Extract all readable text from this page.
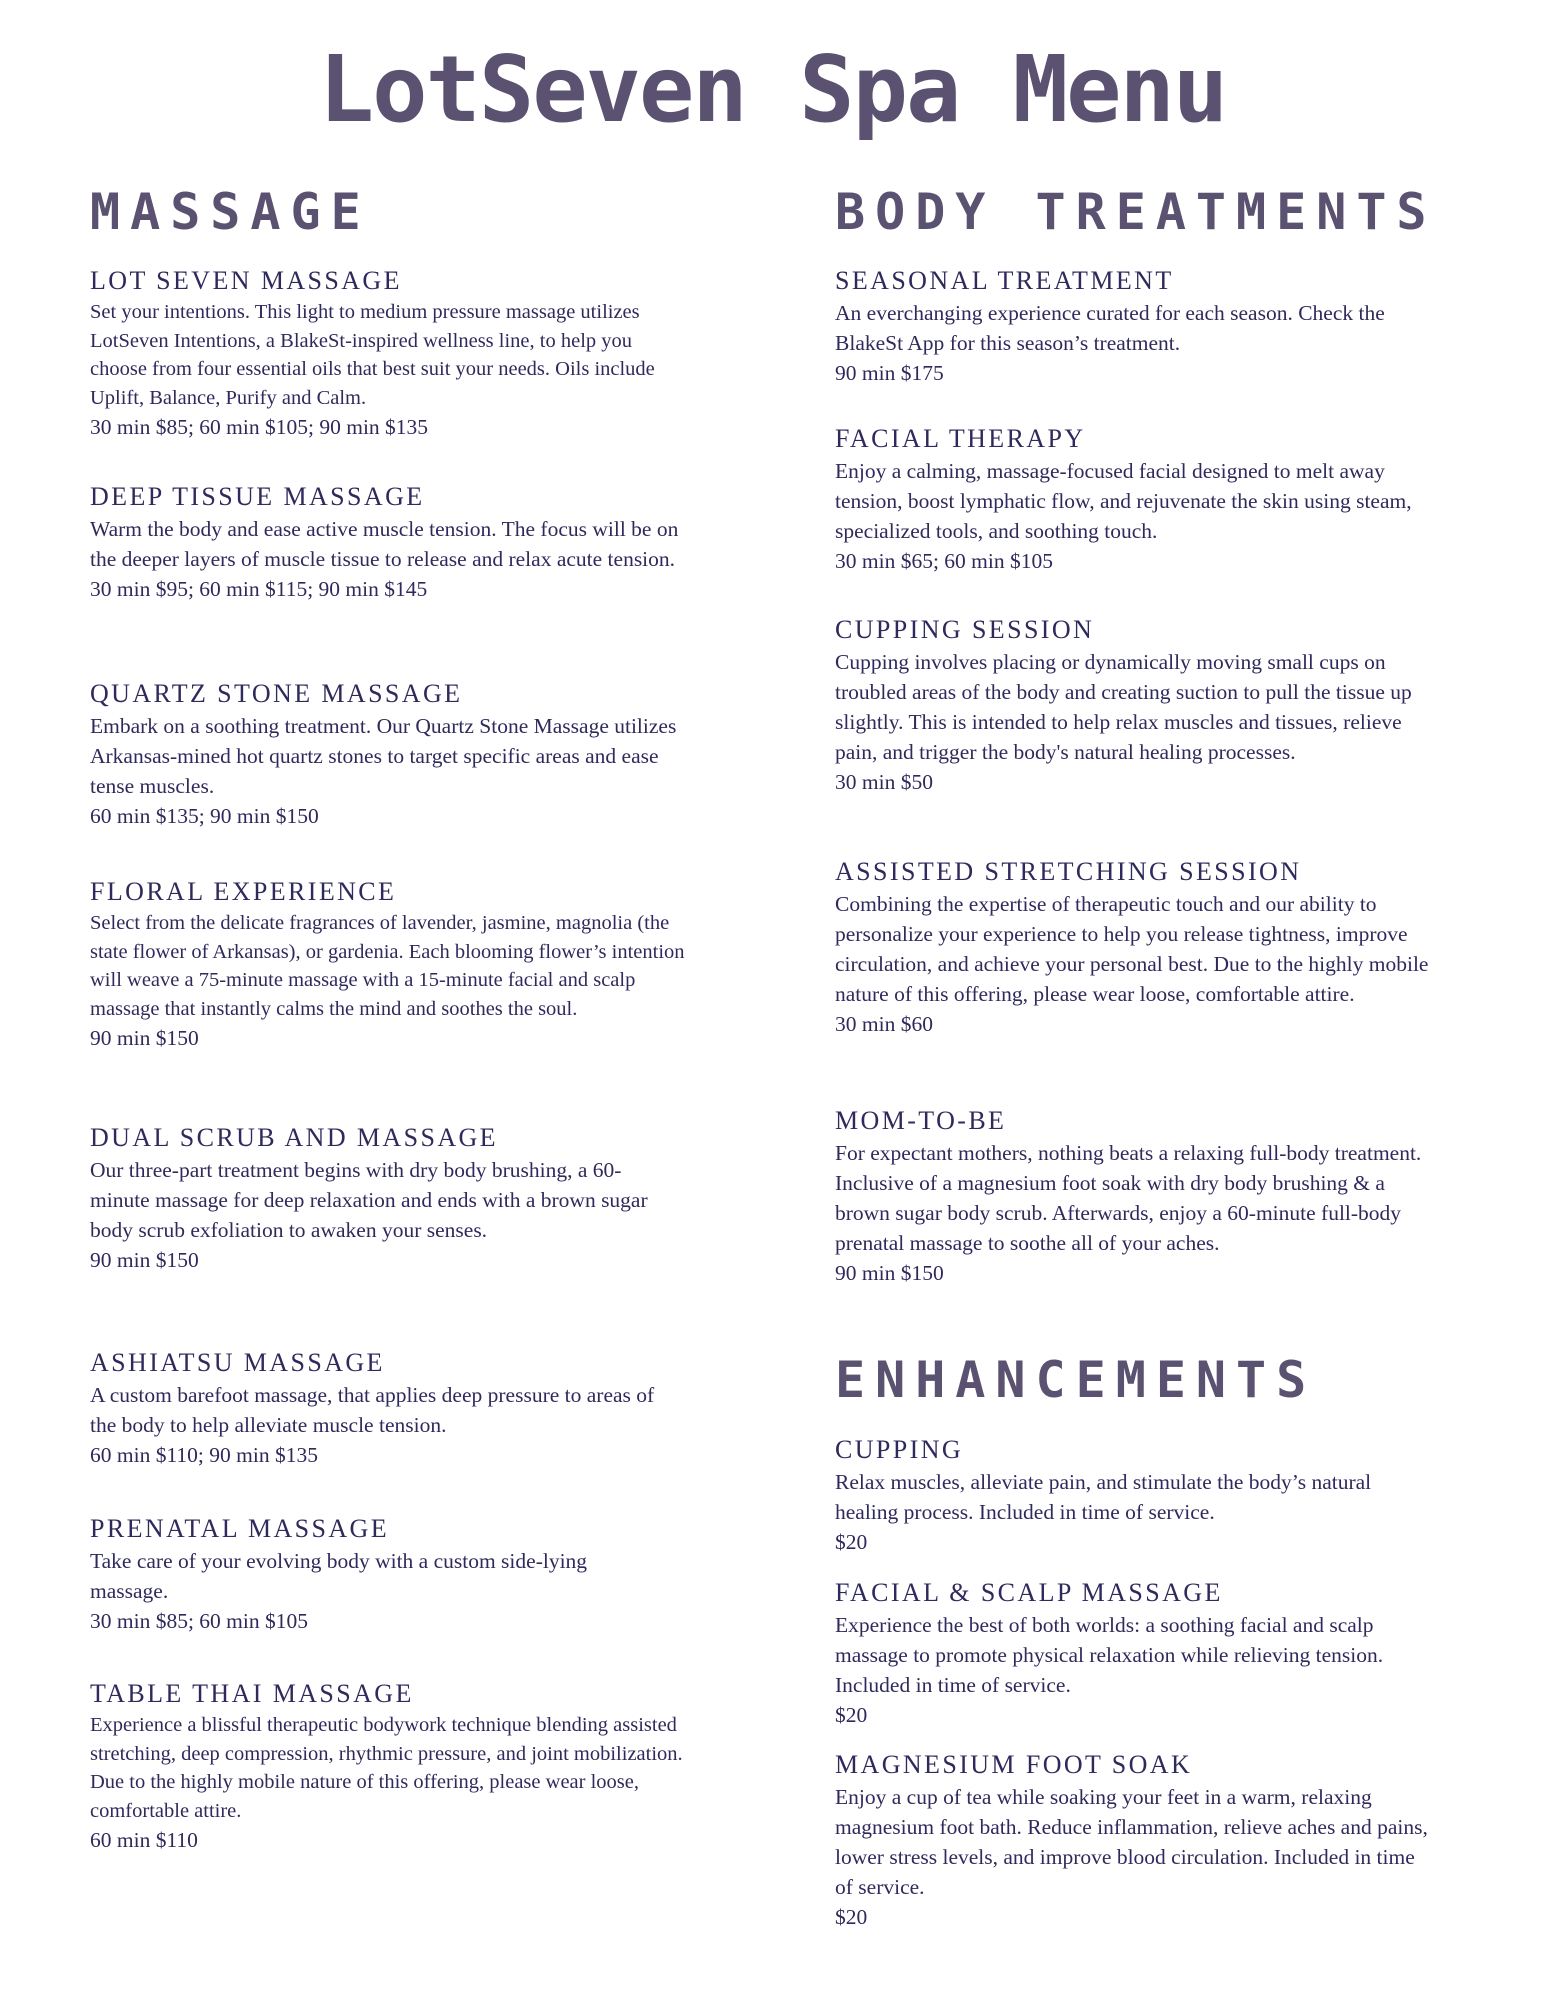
LotSeven Spa Menu
MASSAGE
LOT SEVEN MASSAGE

Set your intentions. This light to medium pressure massage utilizes LotSeven Intentions, a BlakeSt-inspired wellness line, to help you choose from four essential oils that best suit your needs. Oils include Uplift, Balance, Purify and Calm.

30 min $85; 60 min $105; 90 min $135

DEEP TISSUE MASSAGE

Warm the body and ease active muscle tension. The focus will be on the deeper layers of muscle tissue to release and relax acute tension.

30 min $95; 60 min $115; 90 min $145

QUARTZ STONE MASSAGE

Embark on a soothing treatment. Our Quartz Stone Massage utilizes Arkansas-mined hot quartz stones to target specific areas and ease tense muscles.

60 min $135; 90 min $150

FLORAL EXPERIENCE

Select from the delicate fragrances of lavender, jasmine, magnolia (the state flower of Arkansas), or gardenia. Each blooming flower’s intention will weave a 75-minute massage with a 15-minute facial and scalp massage that instantly calms the mind and soothes the soul.

90 min $150

DUAL SCRUB AND MASSAGE

Our three-part treatment begins with dry body brushing, a 60-minute massage for deep relaxation and ends with a brown sugar body scrub exfoliation to awaken your senses.

90 min $150

ASHIATSU MASSAGE

A custom barefoot massage, that applies deep pressure to areas of the body to help alleviate muscle tension.

60 min $110; 90 min $135

PRENATAL MASSAGE

Take care of your evolving body with a custom side-lying massage.

30 min $85; 60 min $105

TABLE THAI MASSAGE

Experience a blissful therapeutic bodywork technique blending assisted stretching, deep compression, rhythmic pressure, and joint mobilization. Due to the highly mobile nature of this offering, please wear loose, comfortable attire.

60 min $110

BODY TREATMENTS
SEASONAL TREATMENT

An everchanging experience curated for each season. Check the BlakeSt App for this season’s treatment.

90 min $175

FACIAL THERAPY

Enjoy a calming, massage-focused facial designed to melt away tension, boost lymphatic flow, and rejuvenate the skin using steam, specialized tools, and soothing touch.

30 min $65; 60 min $105

CUPPING SESSION

Cupping involves placing or dynamically moving small cups on troubled areas of the body and creating suction to pull the tissue up slightly. This is intended to help relax muscles and tissues, relieve pain, and trigger the body's natural healing processes.

30 min $50

ASSISTED STRETCHING SESSION

Combining the expertise of therapeutic touch and our ability to personalize your experience to help you release tightness, improve circulation, and achieve your personal best. Due to the highly mobile nature of this offering, please wear loose, comfortable attire.

30 min $60

MOM-TO-BE

For expectant mothers, nothing beats a relaxing full-body treatment. Inclusive of a magnesium foot soak with dry body brushing & a brown sugar body scrub. Afterwards, enjoy a 60-minute full-body prenatal massage to soothe all of your aches.

90 min $150

ENHANCEMENTS
CUPPING

Relax muscles, alleviate pain, and stimulate the body’s natural healing process. Included in time of service.

$20

FACIAL & SCALP MASSAGE

Experience the best of both worlds: a soothing facial and scalp massage to promote physical relaxation while relieving tension. Included in time of service.

$20

MAGNESIUM FOOT SOAK

Enjoy a cup of tea while soaking your feet in a warm, relaxing magnesium foot bath. Reduce inflammation, relieve aches and pains, lower stress levels, and improve blood circulation. Included in time of service.

$20
